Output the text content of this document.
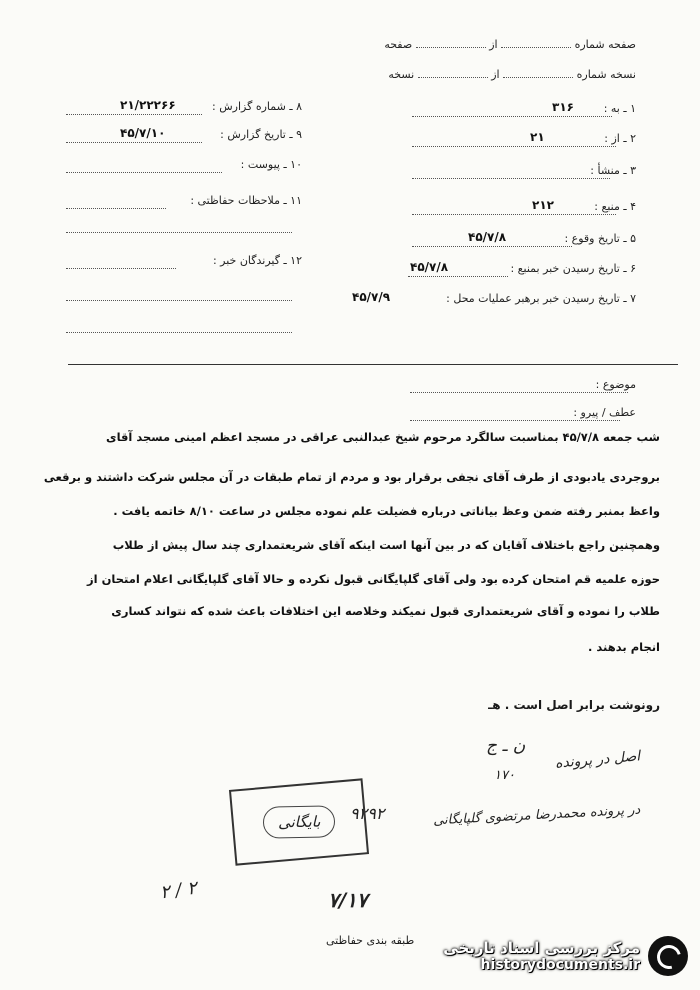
صفحه شماره  از  صفحه
نسخه شماره  از  نسخه
۱ ـ به :
۳۱۶
۲ ـ از :
۲۱
۳ ـ منشأ :
۴ ـ منبع :
۲۱۲
۵ ـ تاریخ وقوع :
۴۵/۷/۸
۶ ـ تاریخ رسیدن خبر بمنبع :
۴۵/۷/۸
۷ ـ تاریخ رسیدن خبر برهبر عملیات محل :
۴۵/۷/۹
۸ ـ شماره گزارش :
۲۱/۲۲۲۶۶
۹ ـ تاریخ گزارش :
۴۵/۷/۱۰
۱۰ ـ پیوست :
۱۱ ـ ملاحظات حفاظتی :
۱۲ ـ گیرندگان خبر :
موضوع :
عطف / پیرو :
شب جمعه ۴۵/۷/۸ بمناسبت سالگرد مرحوم شیخ عبدالنبی عراقی در مسجد اعظم امینی مسجد آقای
بروجردی یادبودی از طرف آقای نجفی برقرار بود و مردم از تمام طبقات در آن مجلس شرکت داشتند و برقعی
واعظ بمنبر رفته ضمن وعظ بیاناتی درباره فضیلت علم نموده مجلس در ساعت ۸/۱۰ خاتمه یافت .
وهمچنین راجع باختلاف آقایان که در بین آنها است اینکه آقای شریعتمداری چند سال پیش از طلاب
حوزه علمیه قم امتحان کرده بود ولی آقای گلپایگانی قبول نکرده و حالا آقای گلپایگانی اعلام امتحان از
طلاب را نموده و آقای شریعتمداری قبول نمیکند وخلاصه این اختلافات باعث شده که نتواند کساری
انجام بدهند .
رونوشت برابر اصل است . هـ
اصل در پرونده
ن ـ ج
۱۷۰
در پرونده محمدرضا مرتضوی گلپایگانی
۹۲۹۲
۷/۱۷
۲ / ۲
بایگانی
طبقه بندی حفاظتی مرکز بررسی اسناد تاریخی
historydocuments.ir
